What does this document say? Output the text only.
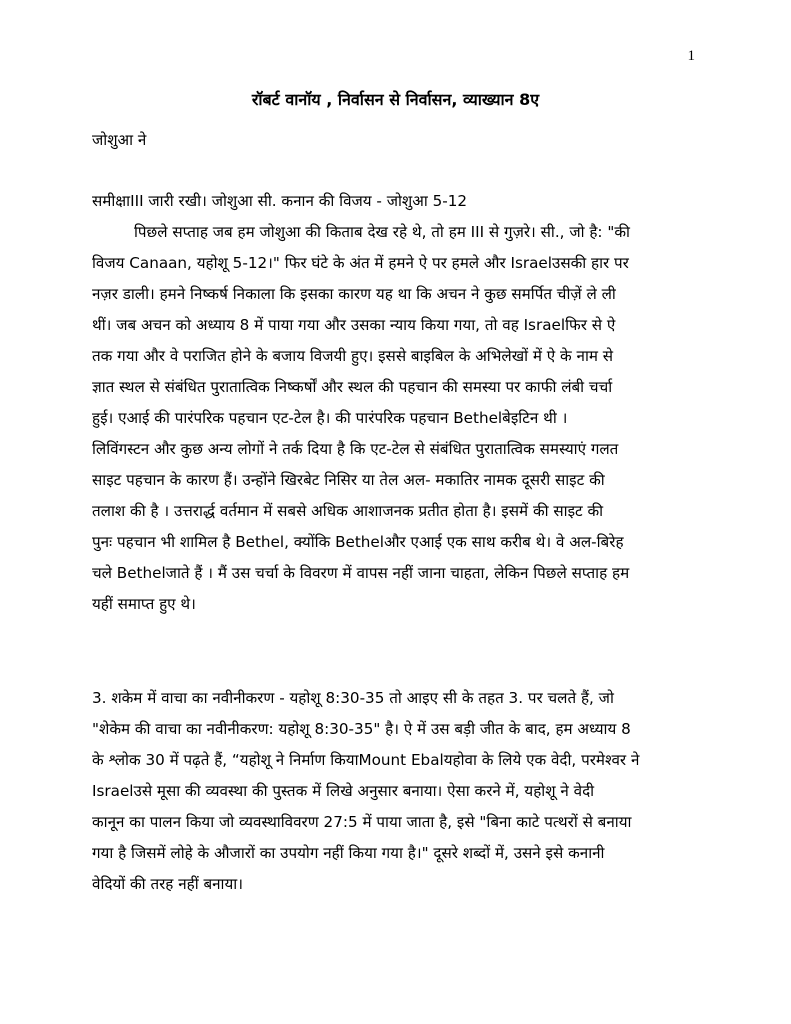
1
रॉबर्ट वानॉय , निर्वासन से निर्वासन, व्याख्यान 8ए
जोशुआ ने
समीक्षाIII जारी रखी। जोशुआ सी. कनान की विजय - जोशुआ 5-12
पिछले सप्ताह जब हम जोशुआ की किताब देख रहे थे, तो हम III से गुज़रे। सी., जो है: "की
विजय Canaan, यहोशू 5-12।" फिर घंटे के अंत में हमने ऐ पर हमले और Israelउसकी हार पर
नज़र डाली। हमने निष्कर्ष निकाला कि इसका कारण यह था कि अचन ने कुछ समर्पित चीज़ें ले ली
थीं। जब अचन को अध्याय 8 में पाया गया और उसका न्याय किया गया, तो वह Israelफिर से ऐ
तक गया और वे पराजित होने के बजाय विजयी हुए। इससे बाइबिल के अभिलेखों में ऐ के नाम से
ज्ञात स्थल से संबंधित पुरातात्विक निष्कर्षों और स्थल की पहचान की समस्या पर काफी लंबी चर्चा
हुई। एआई की पारंपरिक पहचान एट-टेल है। की पारंपरिक पहचान Bethelबेइटिन थी ।
लिविंगस्टन और कुछ अन्य लोगों ने तर्क दिया है कि एट-टेल से संबंधित पुरातात्विक समस्याएं गलत
साइट पहचान के कारण हैं। उन्होंने खिरबेट निसिर या तेल अल- मकातिर नामक दूसरी साइट की
तलाश की है । उत्तरार्द्ध वर्तमान में सबसे अधिक आशाजनक प्रतीत होता है। इसमें की साइट की
पुनः पहचान भी शामिल है Bethel, क्योंकि Bethelऔर एआई एक साथ करीब थे। वे अल-बिरेह
चले Bethelजाते हैं । मैं उस चर्चा के विवरण में वापस नहीं जाना चाहता, लेकिन पिछले सप्ताह हम
यहीं समाप्त हुए थे।
3. शकेम में वाचा का नवीनीकरण - यहोशू 8:30-35 तो आइए सी के तहत 3. पर चलते हैं, जो
"शेकेम की वाचा का नवीनीकरण: यहोशू 8:30-35" है। ऐ में उस बड़ी जीत के बाद, हम अध्याय 8
के श्लोक 30 में पढ़ते हैं, “यहोशू ने निर्माण कियाMount Ebalयहोवा के लिये एक वेदी, परमेश्वर ने
Israelउसे मूसा की व्यवस्था की पुस्तक में लिखे अनुसार बनाया। ऐसा करने में, यहोशू ने वेदी
कानून का पालन किया जो व्यवस्थाविवरण 27:5 में पाया जाता है, इसे "बिना काटे पत्थरों से बनाया
गया है जिसमें लोहे के औजारों का उपयोग नहीं किया गया है।" दूसरे शब्दों में, उसने इसे कनानी
वेदियों की तरह नहीं बनाया।
